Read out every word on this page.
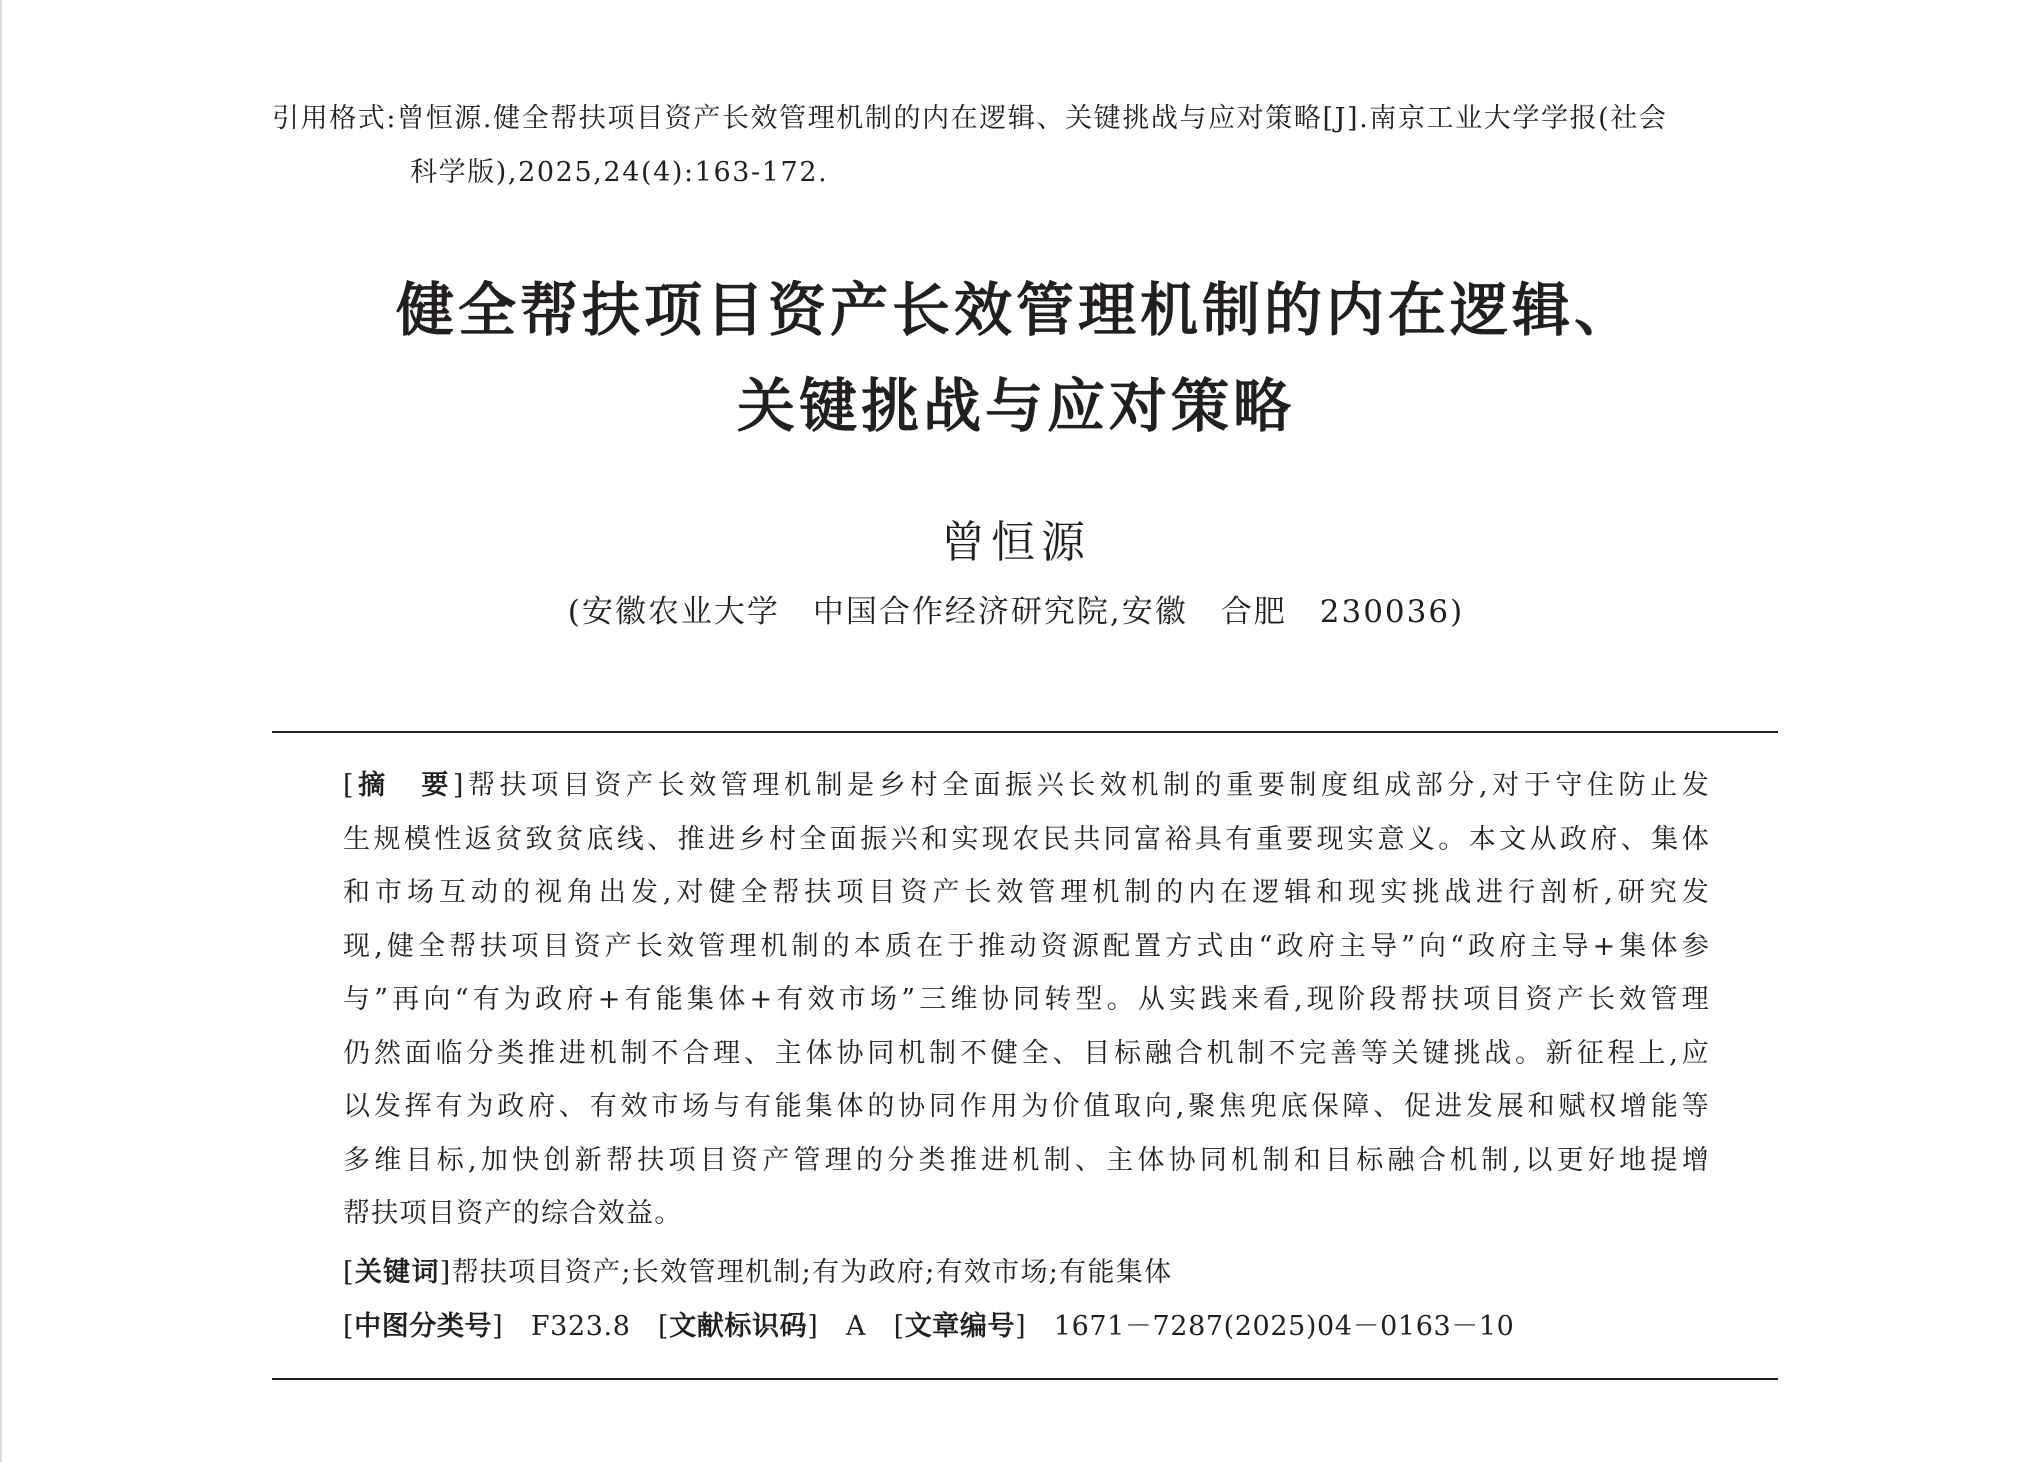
引用格式:曾恒源.健全帮扶项目资产长效管理机制的内在逻辑、关键挑战与应对策略[J].南京工业大学学报(社会
科学版),2025,24(4):163-172.
健全帮扶项目资产长效管理机制的内在逻辑、
关键挑战与应对策略
曾恒源
(安徽农业大学　中国合作经济研究院,安徽　合肥　230036)
[摘　要]帮扶项目资产长效管理机制是乡村全面振兴长效机制的重要制度组成部分,对于守住防止发
生规模性返贫致贫底线、推进乡村全面振兴和实现农民共同富裕具有重要现实意义。本文从政府、集体
和市场互动的视角出发,对健全帮扶项目资产长效管理机制的内在逻辑和现实挑战进行剖析,研究发
现,健全帮扶项目资产长效管理机制的本质在于推动资源配置方式由“政府主导”向“政府主导+集体参
与”再向“有为政府+有能集体+有效市场”三维协同转型。从实践来看,现阶段帮扶项目资产长效管理
仍然面临分类推进机制不合理、主体协同机制不健全、目标融合机制不完善等关键挑战。新征程上,应
以发挥有为政府、有效市场与有能集体的协同作用为价值取向,聚焦兜底保障、促进发展和赋权增能等
多维目标,加快创新帮扶项目资产管理的分类推进机制、主体协同机制和目标融合机制,以更好地提增
帮扶项目资产的综合效益。
[关键词]帮扶项目资产;长效管理机制;有为政府;有效市场;有能集体
[中图分类号] F323.8 [文献标识码] A [文章编号] 1671－7287(2025)04－0163－10
